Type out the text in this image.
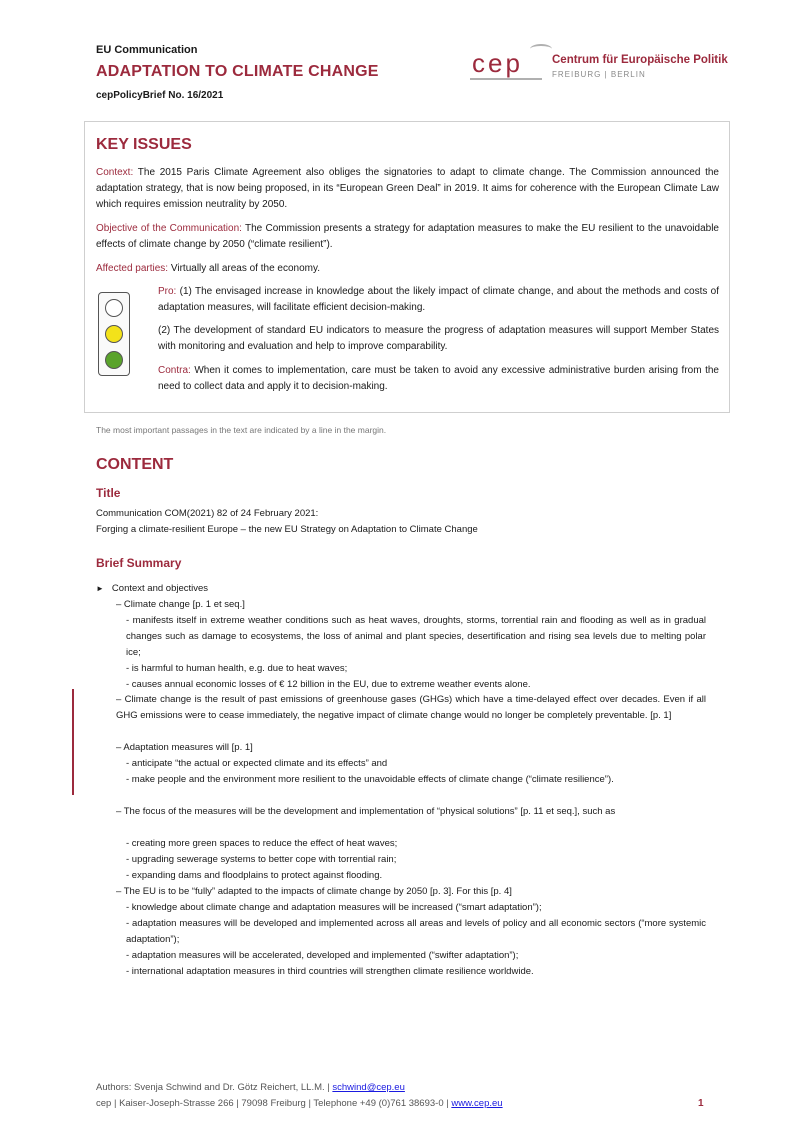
EU Communication
ADAPTATION TO CLIMATE CHANGE
cepPolicyBrief No. 16/2021
cep	Centrum für Europäische Politik
FREIBURG | BERLIN
KEY ISSUES
Context: The 2015 Paris Climate Agreement also obliges the signatories to adapt to climate change. The Commission announced the adaptation strategy, that is now being proposed, in its “European Green Deal” in 2019. It aims for coherence with the European Climate Law which requires emission neutrality by 2050.
Objective of the Communication: The Commission presents a strategy for adaptation measures to make the EU resilient to the unavoidable effects of climate change by 2050 (“climate resilient”).
Affected parties: Virtually all areas of the economy.
Pro: (1) The envisaged increase in knowledge about the likely impact of climate change, and about the methods and costs of adaptation measures, will facilitate efficient decision-making.
(2) The development of standard EU indicators to measure the progress of adaptation measures will support Member States with monitoring and evaluation and help to improve comparability.
Contra: When it comes to implementation, care must be taken to avoid any excessive administrative burden arising from the need to collect data and apply it to decision-making.
The most important passages in the text are indicated by a line in the margin.
CONTENT
Title
Communication COM(2021) 82 of 24 February 2021:
Forging a climate-resilient Europe – the new EU Strategy on Adaptation to Climate Change
Brief Summary
► Context and objectives
– Climate change [p. 1 et seq.]
- manifests itself in extreme weather conditions such as heat waves, droughts, storms, torrential rain and flooding as well as in gradual changes such as damage to ecosystems, the loss of animal and plant species, desertification and rising sea levels due to melting polar ice;
- is harmful to human health, e.g. due to heat waves;
- causes annual economic losses of € 12 billion in the EU, due to extreme weather events alone.
– Climate change is the result of past emissions of greenhouse gases (GHGs) which have a time-delayed effect over decades. Even if all GHG emissions were to cease immediately, the negative impact of climate change would no longer be completely preventable. [p. 1]
– Adaptation measures will [p. 1]
- anticipate “the actual or expected climate and its effects” and
- make people and the environment more resilient to the unavoidable effects of climate change (“climate resilience”).
– The focus of the measures will be the development and implementation of “physical solutions” [p. 11 et seq.], such as
- creating more green spaces to reduce the effect of heat waves;
- upgrading sewerage systems to better cope with torrential rain;
- expanding dams and floodplains to protect against flooding.
– The EU is to be “fully” adapted to the impacts of climate change by 2050 [p. 3]. For this [p. 4]
- knowledge about climate change and adaptation measures will be increased (“smart adaptation”);
- adaptation measures will be developed and implemented across all areas and levels of policy and all economic sectors (“more systemic adaptation”);
- adaptation measures will be accelerated, developed and implemented (“swifter adaptation”);
- international adaptation measures in third countries will strengthen climate resilience worldwide.
Authors: Svenja Schwind and Dr. Götz Reichert, LL.M. | schwind@cep.eu
cep | Kaiser-Joseph-Strasse 266 | 79098 Freiburg | Telephone +49 (0)761 38693-0 | www.cep.eu	1
